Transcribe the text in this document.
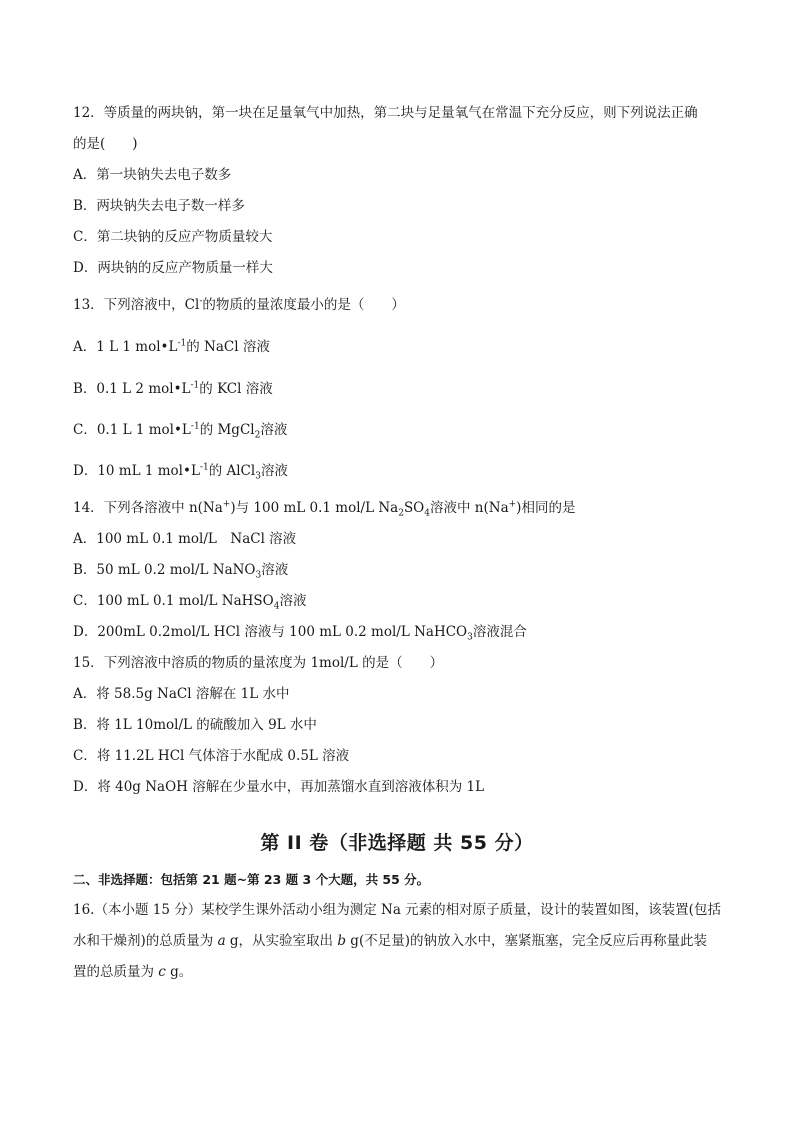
12．等质量的两块钠，第一块在足量氧气中加热，第二块与足量氧气在常温下充分反应，则下列说法正确
的是(　　)
A．第一块钠失去电子数多
B．两块钠失去电子数一样多
C．第二块钠的反应产物质量较大
D．两块钠的反应产物质量一样大
13．下列溶液中，Cl-的物质的量浓度最小的是（　　）
A．1 L 1 $mol•L^{-1}$的 NaCl 溶液
B．0.1 L 2 $mol•L^{-1}$的 KCl 溶液
C．0.1 L 1 $mol•L^{-1}$的 MgCl$_2$溶液
D．10 mL 1 $mol•L^{-1}$的 AlCl$_3$溶液
14．下列各溶液中 n(Na+)与 100 mL 0.1 mol/L $Na_2SO_4$溶液中 n(Na+)相同的是
A．100 mL 0.1 mol/L　NaCl 溶液
B．50 mL 0.2 mol/L NaNO$_3$溶液
C．100 mL 0.1 mol/L NaHSO$_4$溶液
D．200mL 0.2mol/L HCl 溶液与 100 mL 0.2 mol/L NaHCO$_3$溶液混合
15．下列溶液中溶质的物质的量浓度为 1mol/L 的是（　　）
A．将 58.5g NaCl 溶解在 1L 水中
B．将 1L 10mol/L 的硫酸加入 9L 水中
C．将 11.2L HCl 气体溶于水配成 0.5L 溶液
D．将 40g NaOH 溶解在少量水中，再加蒸馏水直到溶液体积为 1L
第 II 卷（非选择题 共 55 分）
二、非选择题：包括第 21 题~第 23 题 3 个大题，共 55 分。
16.（本小题 15 分）某校学生课外活动小组为测定 Na 元素的相对原子质量，设计的装置如图，该装置(包括
水和干燥剂)的总质量为 a g，从实验室取出 b g(不足量)的钠放入水中，塞紧瓶塞，完全反应后再称量此装
置的总质量为 c g。
